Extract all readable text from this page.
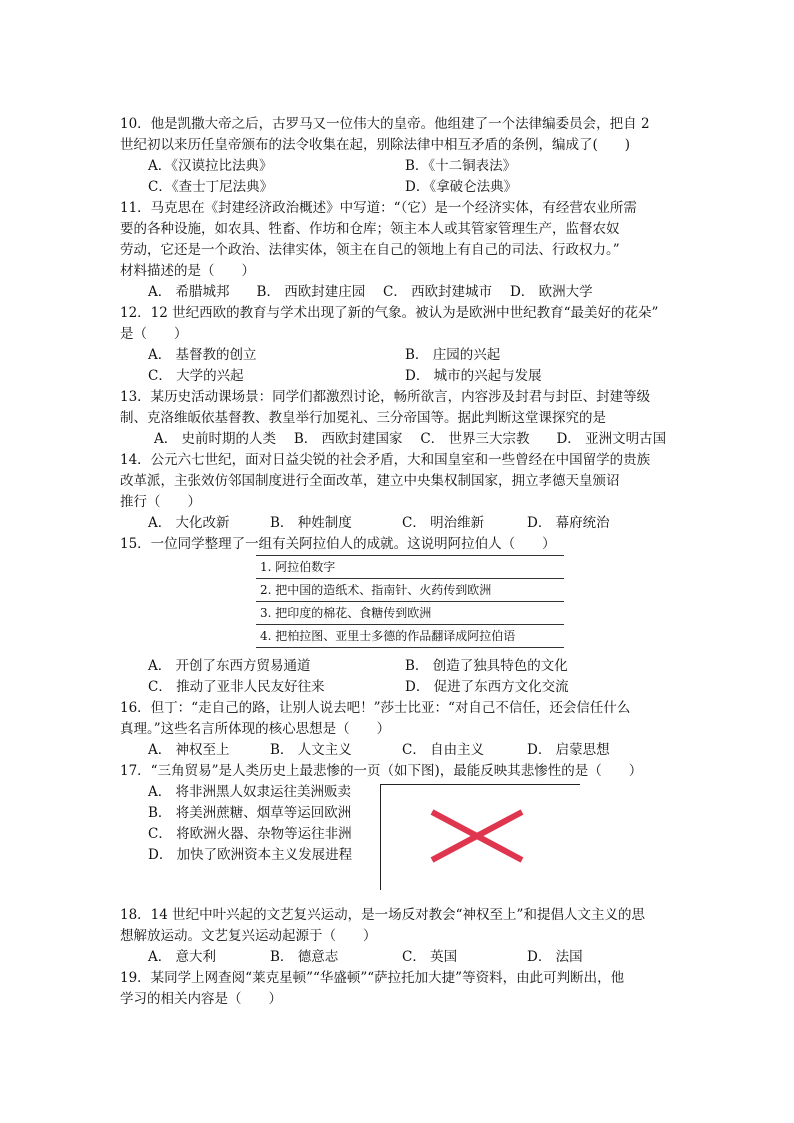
10．他是凯撒大帝之后，古罗马又一位伟大的皇帝。他组建了一个法律编委员会，把自 2
世纪初以来历任皇帝颁布的法令收集在起，别除法律中相互矛盾的条例，编成了(　　)
A．《汉谟拉比法典》	B．《十二铜表法》
C．《查士丁尼法典》	D．《拿破仑法典》
11．马克思在《封建经济政治概述》中写道：“（它）是一个经济实体，有经营农业所需
要的各种设施，如农具、牲畜、作坊和仓库；领主本人或其管家管理生产，监督农奴
劳动，它还是一个政治、法律实体，领主在自己的领地上有自己的司法、行政权力。”
材料描述的是（　　）
A． 希腊城邦　　B． 西欧封建庄园　 C． 西欧封建城市　 D． 欧洲大学
12．12 世纪西欧的教育与学术出现了新的气象。被认为是欧洲中世纪教育“最美好的花朵”
是（　　）
A． 基督教的创立	B． 庄园的兴起
C． 大学的兴起	D． 城市的兴起与发展
13．某历史活动课场景：同学们都激烈讨论，畅所欲言，内容涉及封君与封臣、封建等级
制、克洛维皈依基督教、教皇举行加冕礼、三分帝国等。据此判断这堂课探究的是
A． 史前时期的人类　 B． 西欧封建国家　 C． 世界三大宗教　　D． 亚洲文明古国
14．公元六七世纪，面对日益尖锐的社会矛盾，大和国皇室和一些曾经在中国留学的贵族
改革派，主张效仿邻国制度进行全面改革，建立中央集权制国家，拥立孝德天皇颁诏
推行（　　）
A． 大化改新	B． 种姓制度	C． 明治维新	D． 幕府统治
15．一位同学整理了一组有关阿拉伯人的成就。这说明阿拉伯人（　　）
1. 阿拉伯数字
2. 把中国的造纸术、指南针、火药传到欧洲
3. 把印度的棉花、食糖传到欧洲
4. 把柏拉图、亚里士多德的作品翻译成阿拉伯语
A． 开创了东西方贸易通道	B． 创造了独具特色的文化
C． 推动了亚非人民友好往来	D． 促进了东西方文化交流
16．但丁：“走自己的路，让别人说去吧！”莎士比亚：“对自己不信任，还会信任什么
真理。”这些名言所体现的核心思想是（　　）
A． 神权至上	B． 人文主义	C． 自由主义	D． 启蒙思想
17．“三角贸易”是人类历史上最悲惨的一页（如下图)，最能反映其悲惨性的是（　　）
A． 将非洲黑人奴隶运往美洲贩卖
B． 将美洲蔗糖、烟草等运回欧洲
C． 将欧洲火器、杂物等运往非洲
D． 加快了欧洲资本主义发展进程
18．14 世纪中叶兴起的文艺复兴运动，是一场反对教会“神权至上”和提倡人文主义的思
想解放运动。文艺复兴运动起源于（　　）
A． 意大利	B． 德意志	C． 英国	D． 法国
19．某同学上网查阅“莱克星顿”“华盛顿”“萨拉托加大捷”等资料，由此可判断出，他
学习的相关内容是（　　）
